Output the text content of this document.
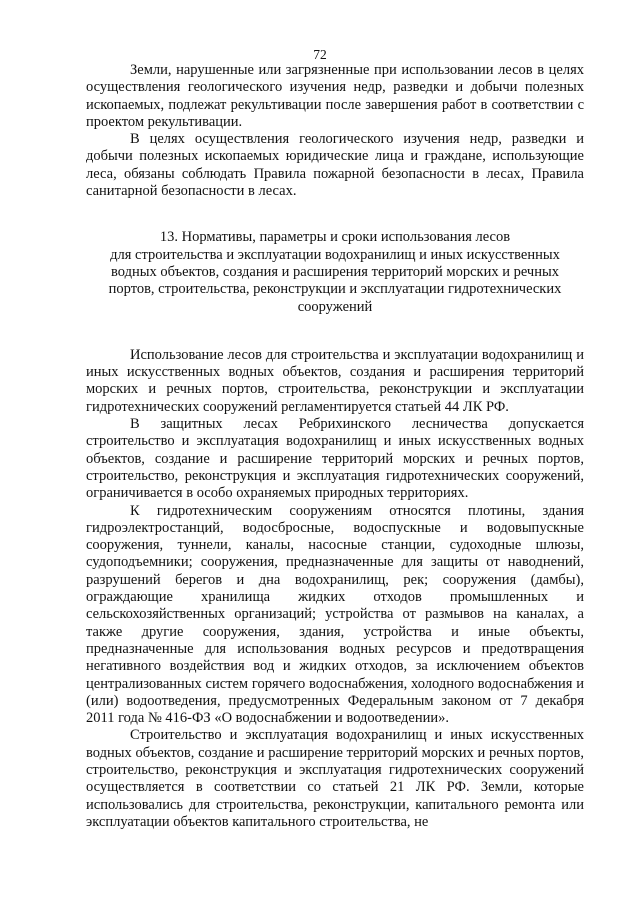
72

Земли, нарушенные или загрязненные при использовании лесов в целях осуществления геологического изучения недр, разведки и добычи полезных ископаемых, подлежат рекультивации после завершения работ в соответствии с проектом рекультивации.

В целях осуществления геологического изучения недр, разведки и добычи полезных ископаемых юридические лица и граждане, использующие леса, обязаны соблюдать Правила пожарной безопасности в лесах, Правила санитарной безопасности в лесах.

13. Нормативы, параметры и сроки использования лесов
для строительства и эксплуатации водохранилищ и иных искусственных
водных объектов, создания и расширения территорий морских и речных
портов, строительства, реконструкции и эксплуатации гидротехнических
сооружений

Использование лесов для строительства и эксплуатации водохранилищ и иных искусственных водных объектов, создания и расширения территорий морских и речных портов, строительства, реконструкции и эксплуатации гидротехнических сооружений регламентируется статьей 44 ЛК РФ.

В защитных лесах Ребрихинского лесничества допускается строительство и эксплуатация водохранилищ и иных искусственных водных объектов, создание и расширение территорий морских и речных портов, строительство, реконструкция и эксплуатация гидротехнических сооружений, ограничивается в особо охраняемых природных территориях.

К гидротехническим сооружениям относятся плотины, здания гидроэлектростанций, водосбросные, водоспускные и водовыпускные сооружения, туннели, каналы, насосные станции, судоходные шлюзы, судоподъемники; сооружения, предназначенные для защиты от наводнений, разрушений берегов и дна водохранилищ, рек; сооружения (дамбы), ограждающие хранилища жидких отходов промышленных и сельскохозяйственных организаций; устройства от размывов на каналах, а также другие сооружения, здания, устройства и иные объекты, предназначенные для использования водных ресурсов и предотвращения негативного воздействия вод и жидких отходов, за исключением объектов централизованных систем горячего водоснабжения, холодного водоснабжения и (или) водоотведения, предусмотренных Федеральным законом от 7 декабря 2011 года № 416-ФЗ «О водоснабжении и водоотведении».

Строительство и эксплуатация водохранилищ и иных искусственных водных объектов, создание и расширение территорий морских и речных портов, строительство, реконструкция и эксплуатация гидротехнических сооружений осуществляется в соответствии со статьей 21 ЛК РФ. Земли, которые использовались для строительства, реконструкции, капитального ремонта или эксплуатации объектов капитального строительства, не
